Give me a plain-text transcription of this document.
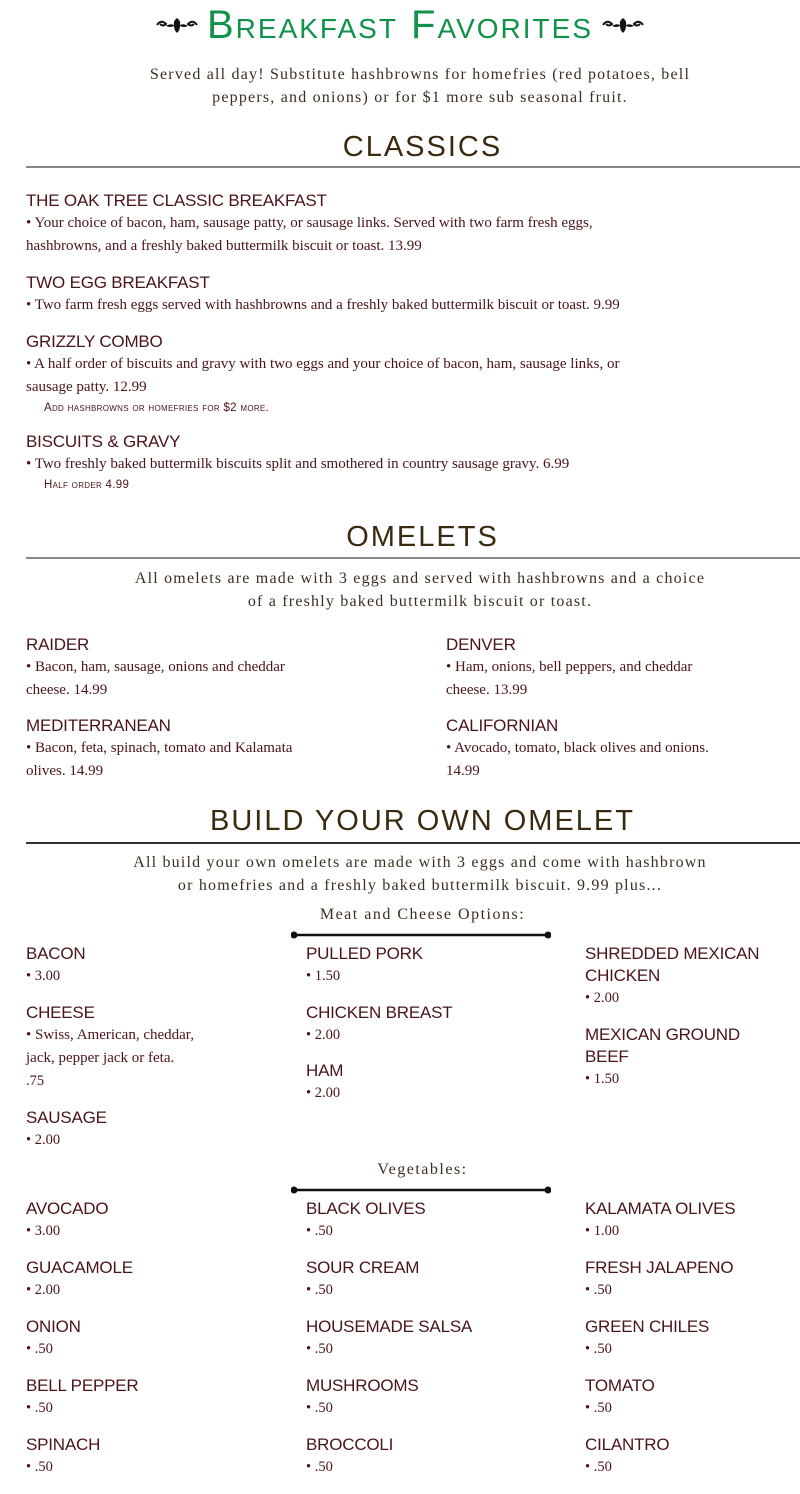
Breakfast Favorites
Served all day! Substitute hashbrowns for homefries (red potatoes, bell
peppers, and onions) or for $1 more sub seasonal fruit.
CLASSICS
THE OAK TREE CLASSIC BREAKFAST
• Your choice of bacon, ham, sausage patty, or sausage links. Served with two farm fresh eggs,
hashbrowns, and a freshly baked buttermilk biscuit or toast. 13.99
TWO EGG BREAKFAST
• Two farm fresh eggs served with hashbrowns and a freshly baked buttermilk biscuit or toast. 9.99
GRIZZLY COMBO
• A half order of biscuits and gravy with two eggs and your choice of bacon, ham, sausage links, or
sausage patty. 12.99
Add hashbrowns or homefries for $2 more.
BISCUITS & GRAVY
• Two freshly baked buttermilk biscuits split and smothered in country sausage gravy. 6.99
Half order 4.99
OMELETS
All omelets are made with 3 eggs and served with hashbrowns and a choice
of a freshly baked buttermilk biscuit or toast.
RAIDER
• Bacon, ham, sausage, onions and cheddar
cheese. 14.99
DENVER
• Ham, onions, bell peppers, and cheddar
cheese. 13.99
MEDITERRANEAN
• Bacon, feta, spinach, tomato and Kalamata
olives. 14.99
CALIFORNIAN
• Avocado, tomato, black olives and onions.
14.99
BUILD YOUR OWN OMELET
All build your own omelets are made with 3 eggs and come with hashbrown
or homefries and a freshly baked buttermilk biscuit. 9.99 plus...
Meat and Cheese Options:
BACON
• 3.00
CHEESE
• Swiss, American, cheddar,
jack, pepper jack or feta.
.75
SAUSAGE
• 2.00
PULLED PORK
• 1.50
CHICKEN BREAST
• 2.00
HAM
• 2.00
SHREDDED MEXICAN
CHICKEN
• 2.00
MEXICAN GROUND
BEEF
• 1.50
Vegetables:
AVOCADO
• 3.00
GUACAMOLE
• 2.00
ONION
• .50
BELL PEPPER
• .50
SPINACH
• .50
BLACK OLIVES
• .50
SOUR CREAM
• .50
HOUSEMADE SALSA
• .50
MUSHROOMS
• .50
BROCCOLI
• .50
KALAMATA OLIVES
• 1.00
FRESH JALAPENO
• .50
GREEN CHILES
• .50
TOMATO
• .50
CILANTRO
• .50
